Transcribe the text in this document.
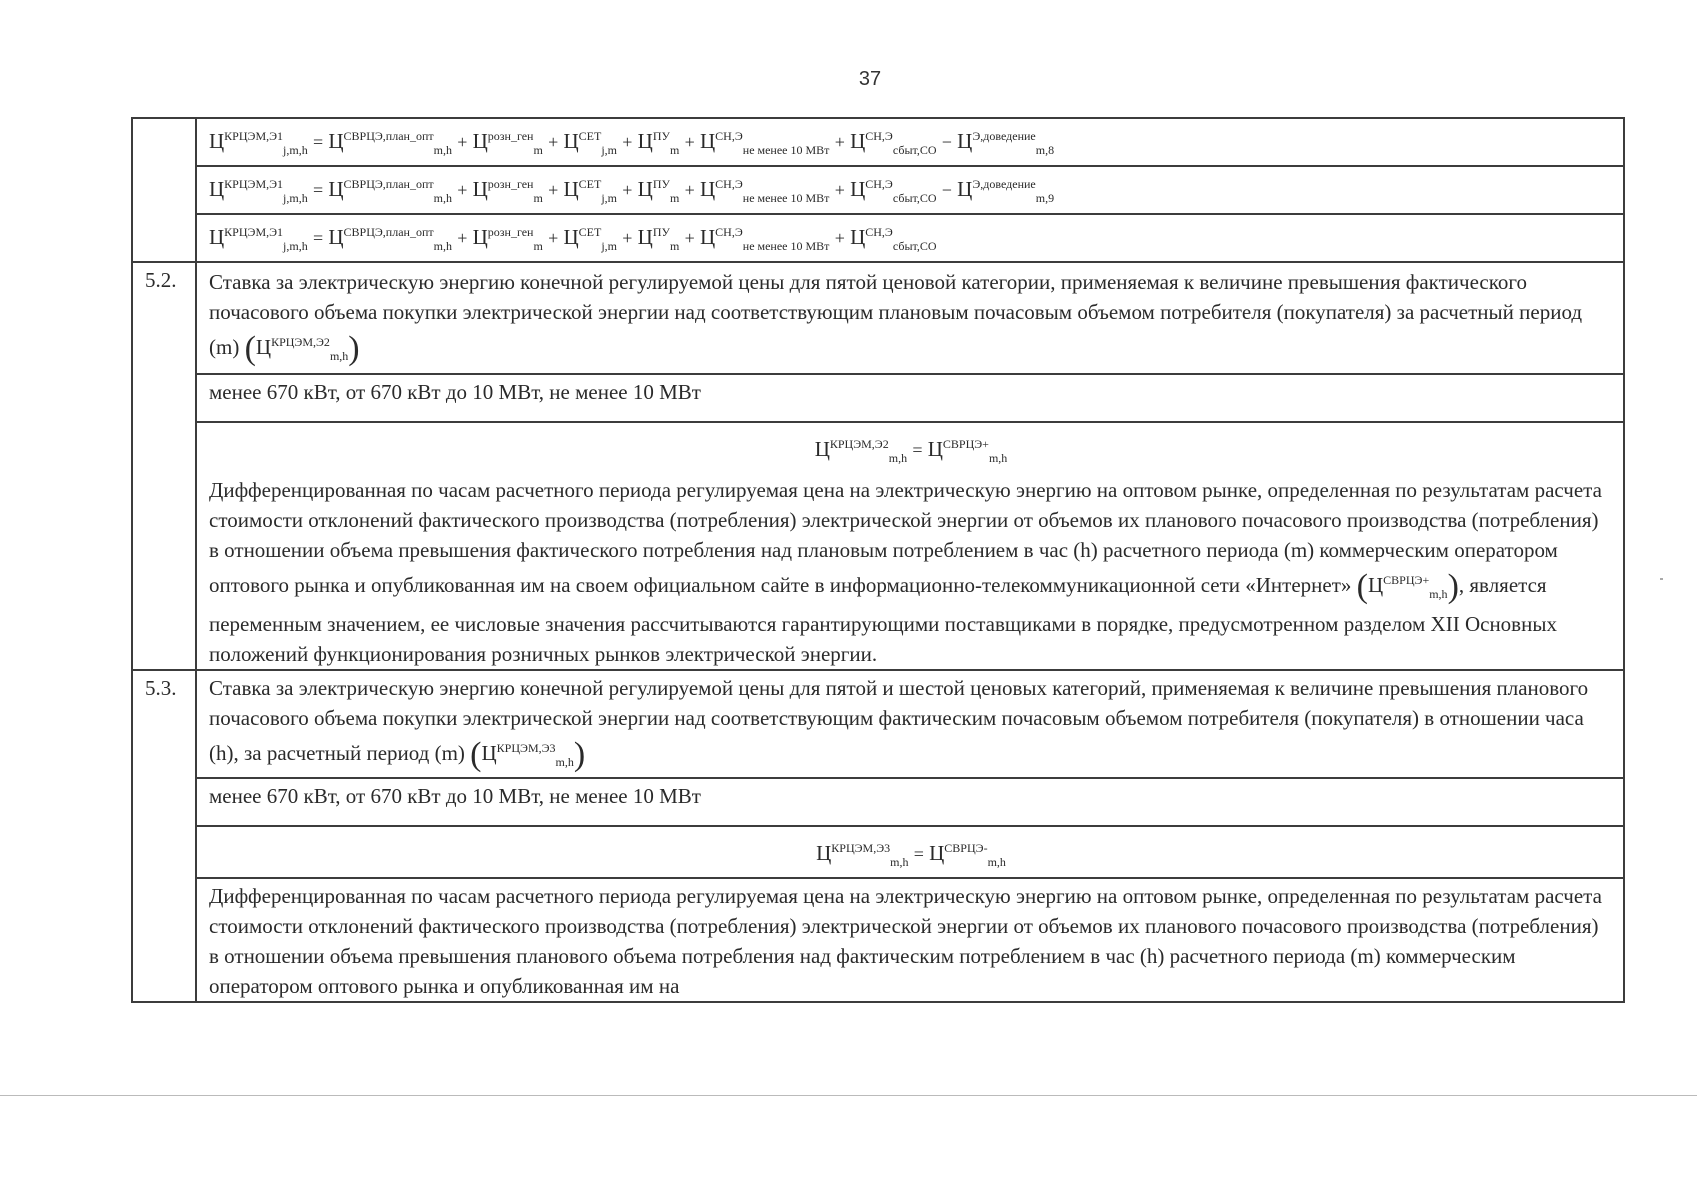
37
	$Ц^{КРЦЭМ,Э1}_{j,m,h} = Ц^{СВРЦЭ,план\_опт}_{m,h} + Ц^{розн\_ген}_m + Ц^{СЕТ}_{j,m} + Ц^{ПУ}_m + Ц^{СН,Э}_{не менее 10 МВт} + Ц^{СН,Э}_{сбыт,СО} - Ц^{Э,доведение}_{m,8}$
	$Ц^{КРЦЭМ,Э1}_{j,m,h} = Ц^{СВРЦЭ,план\_опт}_{m,h} + Ц^{розн\_ген}_m + Ц^{СЕТ}_{j,m} + Ц^{ПУ}_m + Ц^{СН,Э}_{не менее 10 МВт} + Ц^{СН,Э}_{сбыт,СО} - Ц^{Э,доведение}_{m,9}$
	$Ц^{КРЦЭМ,Э1}_{j,m,h} = Ц^{СВРЦЭ,план\_опт}_{m,h} + Ц^{розн\_ген}_m + Ц^{СЕТ}_{j,m} + Ц^{ПУ}_m + Ц^{СН,Э}_{не менее 10 МВт} + Ц^{СН,Э}_{сбыт,СО}$
5.2.	Ставка за электрическую энергию конечной регулируемой цены для пятой ценовой категории, применяемая к величине превышения фактического почасового объема покупки электрической энергии над соответствующим плановым почасовым объемом потребителя (покупателя) за расчетный период (m) $(Ц^{КРЦЭМ,Э2}_{m,h})$
	менее 670 кВт, от 670 кВт до 10 МВт, не менее 10 МВт

	$Ц^{КРЦЭМ,Э2}_{m,h} = Ц^{СВРЦЭ+}_{m,h}$
Дифференцированная по часам расчетного периода регулируемая цена на электрическую энергию на оптовом рынке, определенная по результатам расчета стоимости отклонений фактического производства (потребления) электрической энергии от объемов их планового почасового производства (потребления) в отношении объема превышения фактического потребления над плановым потреблением в час (h) расчетного периода (m) коммерческим оператором оптового рынка и опубликованная им на своем официальном сайте в информационно-телекоммуникационной сети «Интернет» $(Ц^{СВРЦЭ+}_{m,h})$, является переменным значением, ее числовые значения рассчитываются гарантирующими поставщиками в порядке, предусмотренном разделом XII Основных положений функционирования розничных рынков электрической энергии.
5.3.	Ставка за электрическую энергию конечной регулируемой цены для пятой и шестой ценовых категорий, применяемая к величине превышения планового почасового объема покупки электрической энергии над соответствующим фактическим почасовым объемом потребителя (покупателя) в отношении часа (h), за расчетный период (m) $(Ц^{КРЦЭМ,Э3}_{m,h})$
	менее 670 кВт, от 670 кВт до 10 МВт, не менее 10 МВт
	$Ц^{КРЦЭМ,Э3}_{m,h} = Ц^{СВРЦЭ-}_{m,h}$
	Дифференцированная по часам расчетного периода регулируемая цена на электрическую энергию на оптовом рынке, определенная по результатам расчета стоимости отклонений фактического производства (потребления) электрической энергии от объемов их планового почасового производства (потребления) в отношении объема превышения планового объема потребления над фактическим потреблением в час (h) расчетного периода (m) коммерческим оператором оптового рынка и опубликованная им на
